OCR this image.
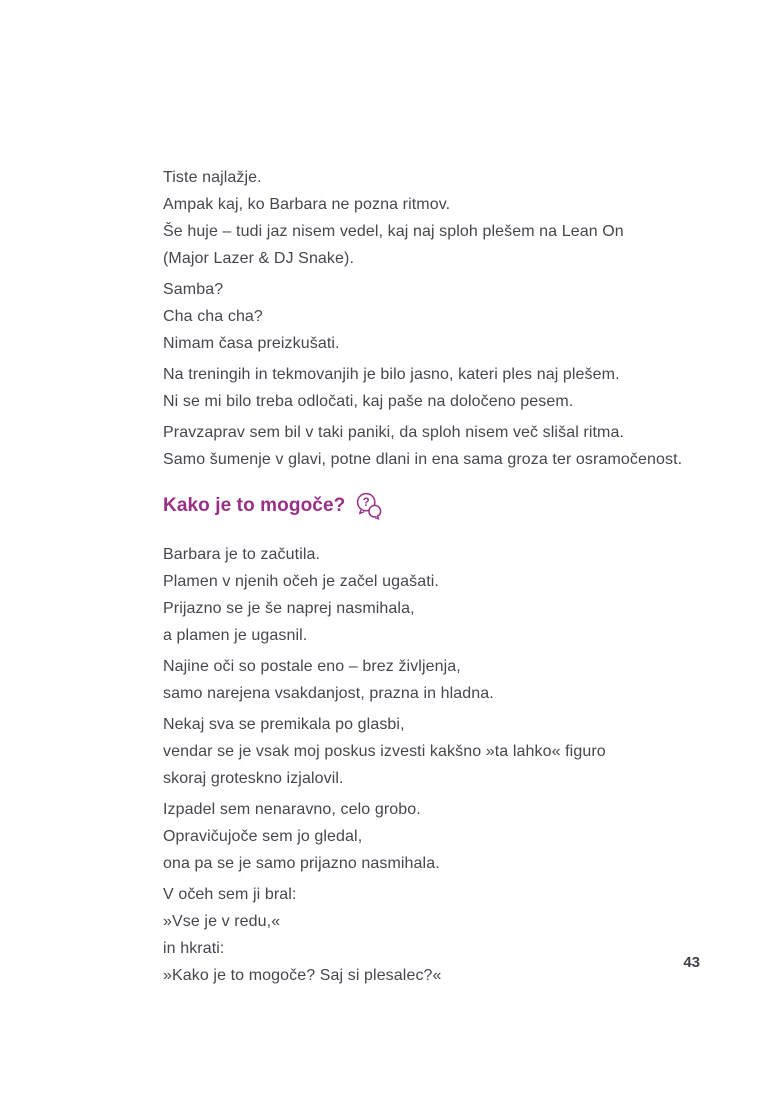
Tiste najlažje.
Ampak kaj, ko Barbara ne pozna ritmov.
Še huje – tudi jaz nisem vedel, kaj naj sploh plešem na Lean On
(Major Lazer & DJ Snake).
Samba?
Cha cha cha?
Nimam časa preizkušati.
Na treningih in tekmovanjih je bilo jasno, kateri ples naj plešem.
Ni se mi bilo treba odločati, kaj paše na določeno pesem.
Pravzaprav sem bil v taki paniki, da sploh nisem več slišal ritma.
Samo šumenje v glavi, potne dlani in ena sama groza ter osramočenost.
Kako je to mogoče? ?
Barbara je to začutila.
Plamen v njenih očeh je začel ugašati.
Prijazno se je še naprej nasmihala,
a plamen je ugasnil.
Najine oči so postale eno – brez življenja,
samo narejena vsakdanjost, prazna in hladna.
Nekaj sva se premikala po glasbi,
vendar se je vsak moj poskus izvesti kakšno »ta lahko« figuro
skoraj groteskno izjalovil.
Izpadel sem nenaravno, celo grobo.
Opravičujoče sem jo gledal,
ona pa se je samo prijazno nasmihala.
V očeh sem ji bral:
»Vse je v redu,«
in hkrati:
»Kako je to mogoče? Saj si plesalec?«
43
